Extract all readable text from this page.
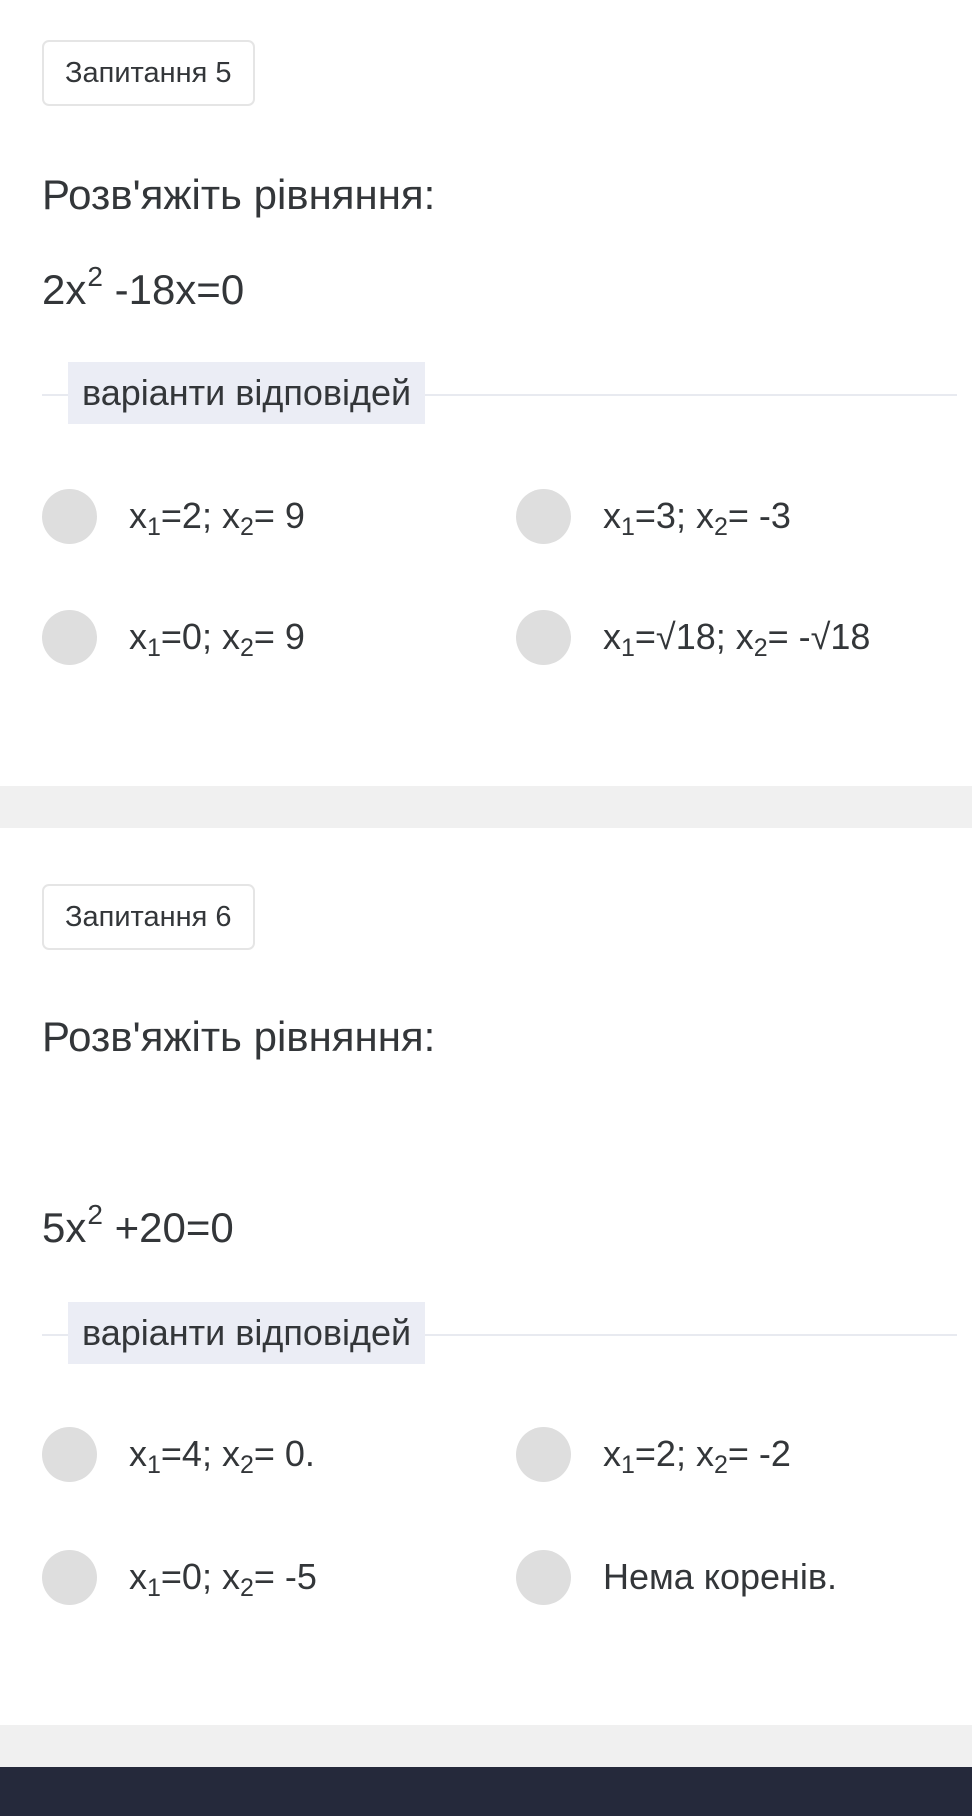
Запитання 5
Розв'яжіть рівняння:
$2x^2$ -18x=0
варіанти відповідей
$x_1=2$; $x_2= 9$	$x_1=3$; $x_2= -3$
$x_1=0$; $x_2= 9$	$x_1=√18$; $x_2= -√18$
Запитання 6
Розв'яжіть рівняння:
$5x^2 +20=0$
варіанти відповідей
$x_1=4$; $x_2= 0$.	$x_1=2$; $x_2= -2$
$x_1=0$; $x_2= -5$	Нема коренів.
